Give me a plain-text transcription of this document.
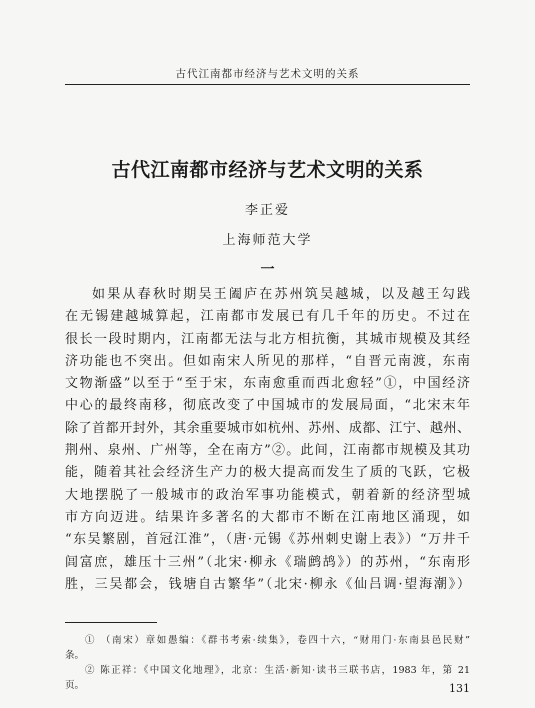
古代江南都市经济与艺术文明的关系
古代江南都市经济与艺术文明的关系
李正爱
上海师范大学
一
如果从春秋时期吴王阖庐在苏州筑吴越城，以及越王勾践
在无锡建越城算起，江南都市发展已有几千年的历史。不过在
很长一段时期内，江南都无法与北方相抗衡，其城市规模及其经
济功能也不突出。但如南宋人所见的那样，“自晋元南渡，东南
文物渐盛”以至于“至于宋，东南愈重而西北愈轻”①，中国经济
中心的最终南移，彻底改变了中国城市的发展局面，“北宋末年
除了首都开封外，其余重要城市如杭州、苏州、成都、江宁、越州、
荆州、泉州、广州等，全在南方”②。此间，江南都市规模及其功
能，随着其社会经济生产力的极大提高而发生了质的飞跃，它极
大地摆脱了一般城市的政治军事功能模式，朝着新的经济型城
市方向迈进。结果许多著名的大都市不断在江南地区涌现，如
“东吴繁剧，首冠江淮”，（唐·元锡《苏州刺史谢上表》）“万井千
闾富庶，雄压十三州”（北宋·柳永《瑞鹧鸪》）的苏州，“东南形
胜，三吴都会，钱塘自古繁华”（北宋·柳永《仙吕调·望海潮》）
① （南宋）章如愚编：《群书考索·续集》，卷四十六，“财用门·东南县邑民财”
条。
② 陈正祥：《中国文化地理》，北京：生活·新知·读书三联书店，1983 年，第 21
页。	131
